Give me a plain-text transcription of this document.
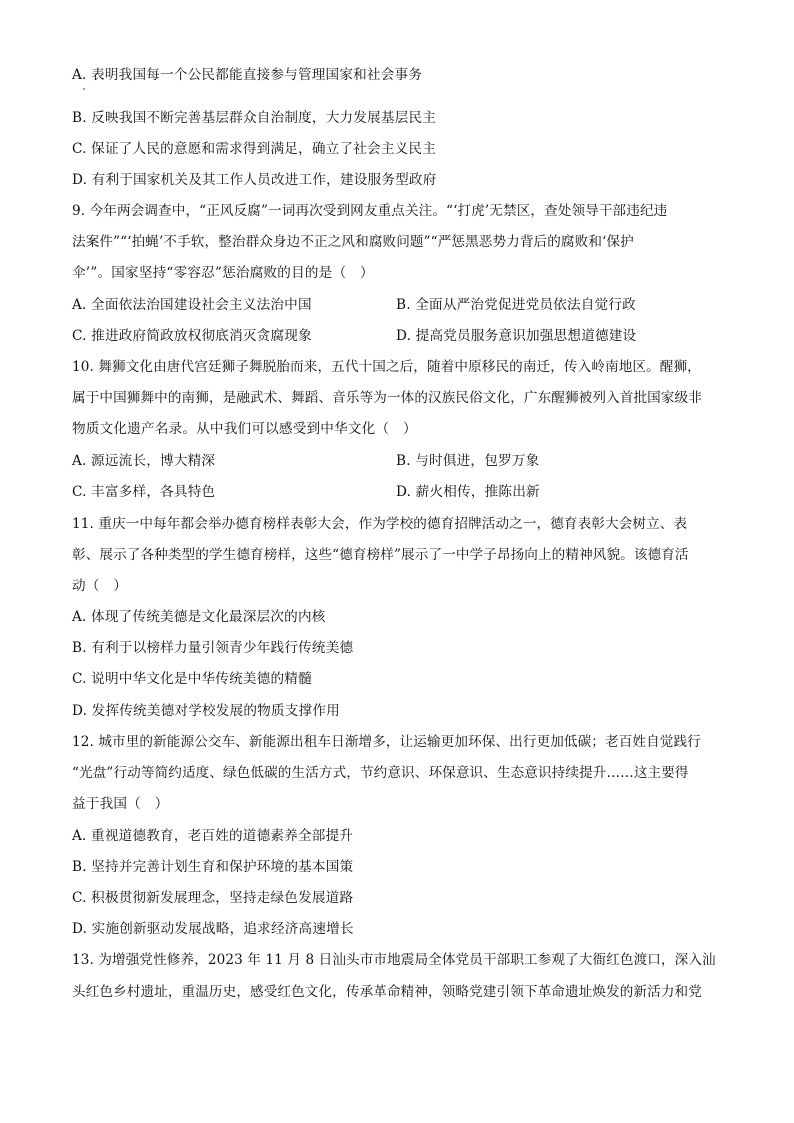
A. 表明我国每一个公民都能直接参与管理国家和社会事务
B. 反映我国不断完善基层群众自治制度，大力发展基层民主
C. 保证了人民的意愿和需求得到满足，确立了社会主义民主
D. 有利于国家机关及其工作人员改进工作，建设服务型政府
9. 今年两会调查中，“正风反腐”一词再次受到网友重点关注。“‘打虎’无禁区，查处领导干部违纪违
法案件”“‘拍蝇’不手软，整治群众身边不正之风和腐败问题”“严惩黑恶势力背后的腐败和‘保护
伞’”。国家坚持“零容忍”惩治腐败的目的是（　）
A. 全面依法治国建设社会主义法治中国	B. 全面从严治党促进党员依法自觉行政
C. 推进政府简政放权彻底消灭贪腐现象	D. 提高党员服务意识加强思想道德建设
10. 舞狮文化由唐代宫廷狮子舞脱胎而来，五代十国之后，随着中原移民的南迁，传入岭南地区。醒狮，
属于中国狮舞中的南狮，是融武术、舞蹈、音乐等为一体的汉族民俗文化，广东醒狮被列入首批国家级非
物质文化遗产名录。从中我们可以感受到中华文化（　）
A. 源远流长，博大精深	B. 与时俱进，包罗万象
C. 丰富多样，各具特色	D. 薪火相传，推陈出新
11. 重庆一中每年都会举办德育榜样表彰大会，作为学校的德育招牌活动之一，德育表彰大会树立、表
彰、展示了各种类型的学生德育榜样，这些“德育榜样”展示了一中学子昂扬向上的精神风貌。该德育活
动（　）
A. 体现了传统美德是文化最深层次的内核
B. 有利于以榜样力量引领青少年践行传统美德
C. 说明中华文化是中华传统美德的精髓
D. 发挥传统美德对学校发展的物质支撑作用
12. 城市里的新能源公交车、新能源出租车日渐增多，让运输更加环保、出行更加低碳；老百姓自觉践行
“光盘”行动等简约适度、绿色低碳的生活方式，节约意识、环保意识、生态意识持续提升……这主要得
益于我国（　）
A. 重视道德教育，老百姓的道德素养全部提升
B. 坚持并完善计划生育和保护环境的基本国策
C. 积极贯彻新发展理念，坚持走绿色发展道路
D. 实施创新驱动发展战略，追求经济高速增长
13. 为增强党性修养，2023 年 11 月 8 日汕头市市地震局全体党员干部职工参观了大衙红色渡口，深入汕
头红色乡村遗址，重温历史，感受红色文化，传承革命精神，领略党建引领下革命遗址焕发的新活力和党
